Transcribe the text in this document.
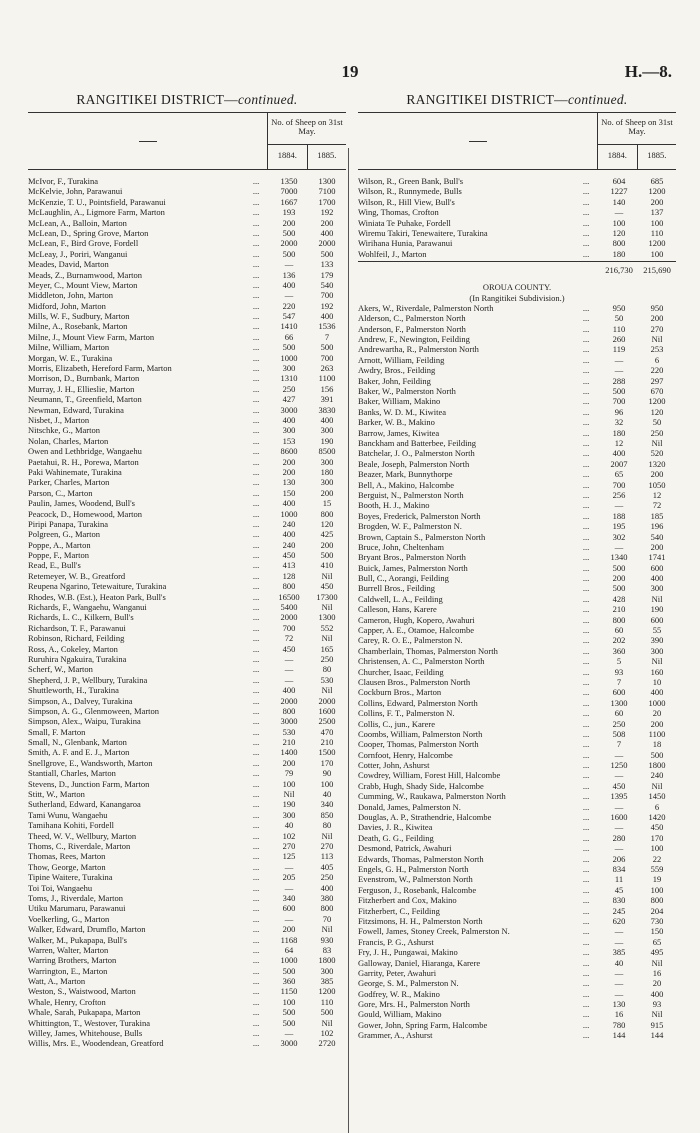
19	H.—8.
RANGITIKEI DISTRICT—continued.
No. of Sheep on 31st May.
1884.	1885.
McIvor, F., Turakina	...	1350	1300
McKelvie, John, Parawanui	...	7000	7100
McKenzie, T. U., Pointsfield, Parawanui	...	1667	1700
McLaughlin, A., Ligmore Farm, Marton	...	193	192
McLean, A., Balloin, Marton	...	200	200
McLean, D., Spring Grove, Marton	...	500	400
McLean, F., Bird Grove, Fordell	...	2000	2000
McLeay, J., Poriri, Wanganui	...	500	500
Meades, David, Marton	...	—	133
Meads, Z., Burnamwood, Marton	...	136	179
Meyer, C., Mount View, Marton	...	400	540
Middleton, John, Marton	...	—	700
Midford, John, Marton	...	220	192
Mills, W. F., Sudbury, Marton	...	547	400
Milne, A., Rosebank, Marton	...	1410	1536
Milne, J., Mount View Farm, Marton	...	66	7
Milne, William, Marton	...	500	500
Morgan, W. E., Turakina	...	1000	700
Morris, Elizabeth, Hereford Farm, Marton	...	300	263
Morrison, D., Burnbank, Marton	...	1310	1100
Murray, J. H., Ellieslie, Marton	...	250	156
Neumann, T., Greenfield, Marton	...	427	391
Newman, Edward, Turakina	...	3000	3830
Nisbet, J., Marton	...	400	400
Nitschke, G., Marton	...	300	300
Nolan, Charles, Marton	...	153	190
Owen and Lethbridge, Wangaehu	...	8600	8500
Paetahui, R. H., Porewa, Marton	...	200	300
Paki Wahinemate, Turakina	...	200	180
Parker, Charles, Marton	...	130	300
Parson, C., Marton	...	150	200
Paulin, James, Woodend, Bull's	...	400	15
Peacock, D., Homewood, Marton	...	1000	800
Piripi Panapa, Turakina	...	240	120
Polgreen, G., Marton	...	400	425
Poppe, A., Marton	...	240	200
Poppe, F., Marton	...	450	500
Read, E., Bull's	...	413	410
Retemeyer, W. B., Greatford	...	128	Nil
Reupena Ngarino, Tetewaiture, Turakina	...	800	450
Rhodes, W.B. (Est.), Heaton Park, Bull's	...	16500	17300
Richards, F., Wangaehu, Wanganui	...	5400	Nil
Richards, L. C., Kilkern, Bull's	...	2000	1300
Richardson, T. F., Parawanui	...	700	552
Robinson, Richard, Feilding	...	72	Nil
Ross, A., Cokeley, Marton	...	450	165
Ruruhira Ngakuira, Turakina	...	—	250
Scherf, W., Marton	...	—	80
Shepherd, J. P., Wellbury, Turakina	...	—	530
Shuttleworth, H., Turakina	...	400	Nil
Simpson, A., Dalvey, Turakina	...	2000	2000
Simpson, A. G., Glenmoween, Marton	...	800	1600
Simpson, Alex., Waipu, Turakina	...	3000	2500
Small, F. Marton	...	530	470
Small, N., Glenbank, Marton	...	210	210
Smith, A. F. and E. J., Marton	...	1400	1500
Snellgrove, E., Wandsworth, Marton	...	200	170
Stantiall, Charles, Marton	...	79	90
Stevens, D., Junction Farm, Marton	...	100	100
Stitt, W., Marton	...	Nil	40
Sutherland, Edward, Kanangaroa	...	190	340
Tami Wunu, Wangaehu	...	300	850
Tamihana Kohiti, Fordell	...	40	80
Theed, W. V., Wellbury, Marton	...	102	Nil
Thoms, C., Riverdale, Marton	...	270	270
Thomas, Rees, Marton	...	125	113
Thow, George, Marton	...	—	405
Tipine Waitere, Turakina	...	205	250
Toi Toi, Wangaehu	...	—	400
Toms, J., Riverdale, Marton	...	340	380
Utiku Marumaru, Parawanui	...	600	800
Voelkerling, G., Marton	...	—	70
Walker, Edward, Drumflo, Marton	...	200	Nil
Walker, M., Pukapapa, Bull's	...	1168	930
Warren, Walter, Marton	...	64	83
Warring Brothers, Marton	...	1000	1800
Warrington, E., Marton	...	500	300
Watt, A., Marton	...	360	385
Weston, S., Waistwood, Marton	...	1150	1200
Whale, Henry, Crofton	...	100	110
Whale, Sarah, Pukapapa, Marton	...	500	500
Whittington, T., Westover, Turakina	...	500	Nil
Willey, James, Whitehouse, Bulls	...	—	102
Willis, Mrs. E., Woodendean, Greatford	...	3000	2720
RANGITIKEI DISTRICT—continued.
No. of Sheep on 31st May.
1884.	1885.
Wilson, R., Green Bank, Bull's	...	604	685
Wilson, R., Runnymede, Bulls	...	1227	1200
Wilson, R., Hill View, Bull's	...	140	200
Wing, Thomas, Crofton	...	—	137
Winiata Te Puhake, Fordell	...	100	100
Wiremu Takiri, Tenewaitere, Turakina	...	120	110
Wirihana Hunia, Parawanui	...	800	1200
Wohlfeil, J., Marton	...	180	100
216,730	215,690
OROUA COUNTY.
(In Rangitikei Subdivision.)
Akers, W., Riverdale, Palmerston North	...	950	950
Alderson, C., Palmerston North	...	50	200
Anderson, F., Palmerston North	...	110	270
Andrew, F., Newington, Feilding	...	260	Nil
Andrewartha, R., Palmerston North	...	119	253
Arnott, William, Feilding	...	—	6
Awdry, Bros., Feilding	...	—	220
Baker, John, Feilding	...	288	297
Baker, W., Palmerston North	...	500	670
Baker, William, Makino	...	700	1200
Banks, W. D. M., Kiwitea	...	96	120
Barker, W. B., Makino	...	32	50
Barrow, James, Kiwitea	...	180	250
Banckham and Batterbee, Feilding	...	12	Nil
Batchelar, J. O., Palmerston North	...	400	520
Beale, Joseph, Palmerston North	...	2007	1320
Beazer, Mark, Bunnythorpe	...	65	200
Bell, A., Makino, Halcombe	...	700	1050
Berguist, N., Palmerston North	...	256	12
Booth, H. J., Makino	...	—	72
Boyes, Frederick, Palmerston North	...	188	185
Brogden, W. F., Palmerston N.	...	195	196
Brown, Captain S., Palmerston North	...	302	540
Bruce, John, Cheltenham	...	—	200
Bryant Bros., Palmerston North	...	1340	1741
Buick, James, Palmerston North	...	500	600
Bull, C., Aorangi, Feilding	...	200	400
Burrell Bros., Feilding	...	500	300
Caldwell, L. A., Feilding	...	428	Nil
Calleson, Hans, Karere	...	210	190
Cameron, Hugh, Kopero, Awahuri	...	800	600
Capper, A. E., Otamoe, Halcombe	...	60	55
Carey, R. O. E., Palmerston N.	...	202	390
Chamberlain, Thomas, Palmerston North	...	360	300
Christensen, A. C., Palmerston North	...	5	Nil
Churcher, Isaac, Feilding	...	93	160
Clausen Bros., Palmerston North	...	7	10
Cockburn Bros., Marton	...	600	400
Collins, Edward, Palmerston North	...	1300	1000
Collins, F. T., Palmerston N.	...	60	20
Collis, C., jun., Karere	...	250	200
Coombs, William, Palmerston North	...	508	1100
Cooper, Thomas, Palmerston North	...	7	18
Cornfoot, Henry, Halcombe	...	—	500
Cotter, John, Ashurst	...	1250	1800
Cowdrey, William, Forest Hill, Halcombe	...	—	240
Crabb, Hugh, Shady Side, Halcombe	...	450	Nil
Cumming, W., Raukawa, Palmerston North	...	1395	1450
Donald, James, Palmerston N.	...	—	6
Douglas, A. P., Strathendrie, Halcombe	...	1600	1420
Davies, J. R., Kiwitea	...	—	450
Death, G. G., Feilding	...	280	170
Desmond, Patrick, Awahuri	...	—	100
Edwards, Thomas, Palmerston North	...	206	22
Engels, G. H., Palmerston North	...	834	559
Evenstrom, W., Palmerston North	...	11	19
Ferguson, J., Rosebank, Halcombe	...	45	100
Fitzherbert and Cox, Makino	...	830	800
Fitzherbert, C., Feilding	...	245	204
Fitzsimons, H. H., Palmerston North	...	620	730
Fowell, James, Stoney Creek, Palmerston N.	...	—	150
Francis, P. G., Ashurst	...	—	65
Fry, J. H., Pungawai, Makino	...	385	495
Galloway, Daniel, Hiaranga, Karere	...	40	Nil
Garrity, Peter, Awahuri	...	—	16
George, S. M., Palmerston N.	...	—	20
Godfrey, W. R., Makino	...	—	400
Gore, Mrs. H., Palmerston North	...	130	93
Gould, William, Makino	...	16	Nil
Gower, John, Spring Farm, Halcombe	...	780	915
Grammer, A., Ashurst	...	144	144
